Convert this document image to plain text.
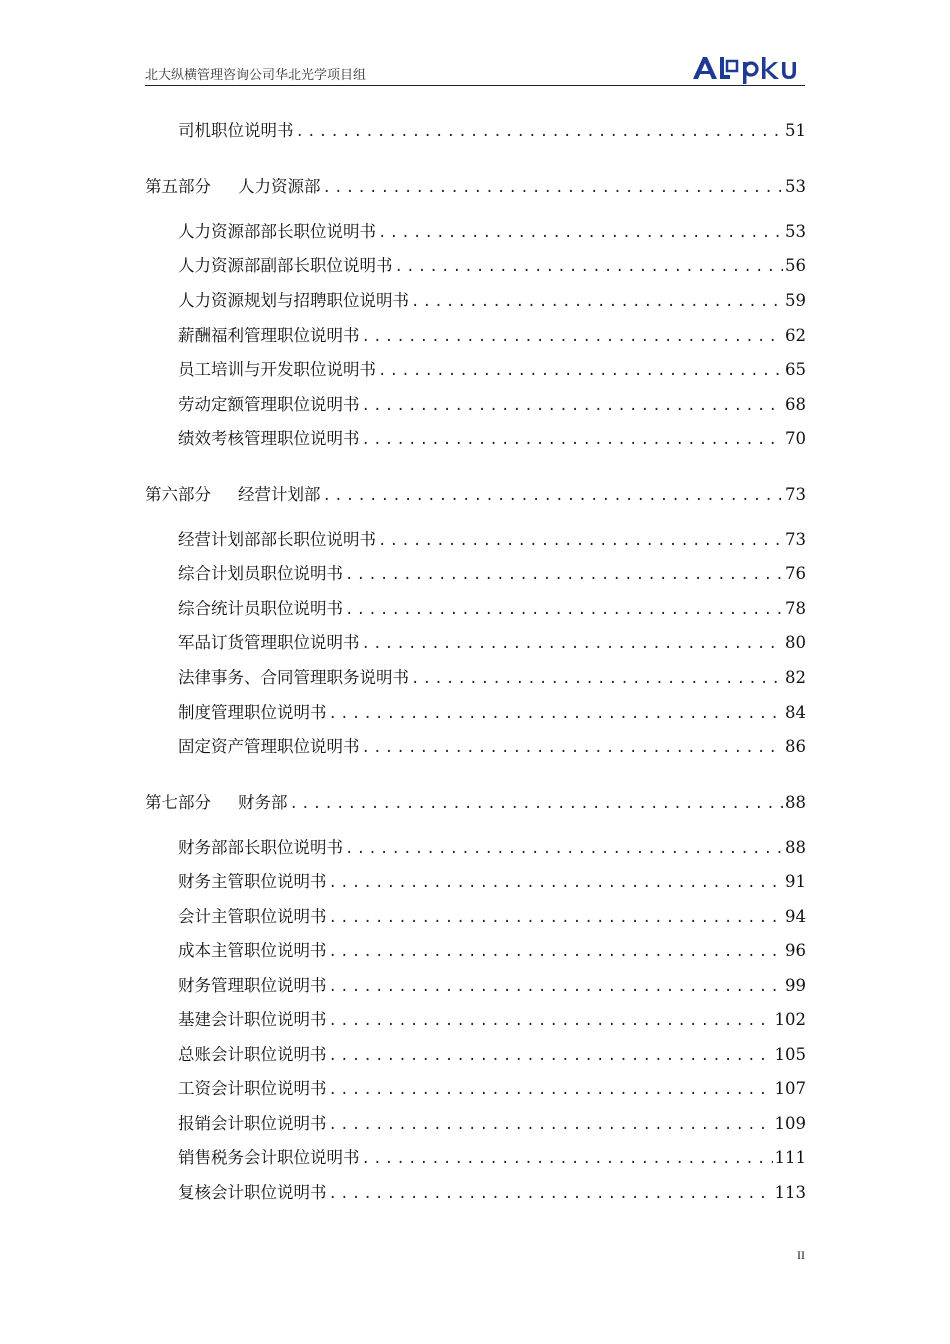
北大纵横管理咨询公司华北光学项目组
司机职位说明书 .....	51
第五部分 人力资源部 .....	53
人力资源部部长职位说明书 .....	53
人力资源部副部长职位说明书 .....	56
人力资源规划与招聘职位说明书 .....	59
薪酬福利管理职位说明书 .....	62
员工培训与开发职位说明书 .....	65
劳动定额管理职位说明书 .....	68
绩效考核管理职位说明书 .....	70
第六部分 经营计划部 .....	73
经营计划部部长职位说明书 .....	73
综合计划员职位说明书 .....	76
综合统计员职位说明书 .....	78
军品订货管理职位说明书 .....	80
法律事务、合同管理职务说明书 .....	82
制度管理职位说明书 .....	84
固定资产管理职位说明书 .....	86
第七部分 财务部 .....	88
财务部部长职位说明书 .....	88
财务主管职位说明书 .....	91
会计主管职位说明书 .....	94
成本主管职位说明书 .....	96
财务管理职位说明书 .....	99
基建会计职位说明书 .....	102
总账会计职位说明书 .....	105
工资会计职位说明书 .....	107
报销会计职位说明书 .....	109
销售税务会计职位说明书 .....	111
复核会计职位说明书 .....	113
II
